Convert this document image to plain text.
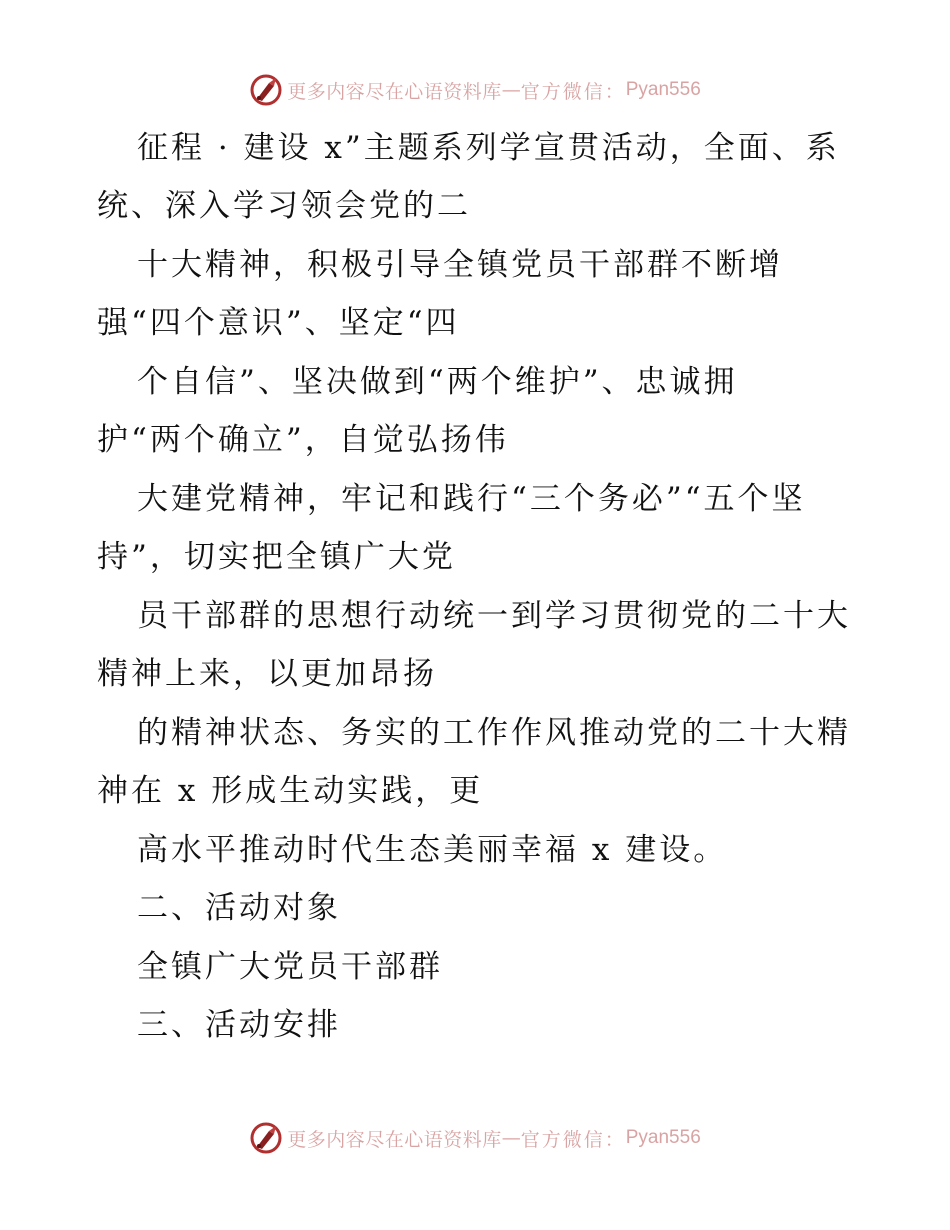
更多内容尽在心语资料库 — 官方微信： Pyan556
征程 · 建设 x”主题系列学宣贯活动，全面、系
统、深入学习领会党的二
十大精神，积极引导全镇党员干部群不断增
强“四个意识”、坚定“四
个自信”、坚决做到“两个维护”、忠诚拥
护“两个确立”，自觉弘扬伟
大建党精神，牢记和践行“三个务必”“五个坚
持”，切实把全镇广大党
员干部群的思想行动统一到学习贯彻党的二十大
精神上来，以更加昂扬
的精神状态、务实的工作作风推动党的二十大精
神在 x 形成生动实践，更
高水平推动时代生态美丽幸福 x 建设。
二、活动对象
全镇广大党员干部群
三、活动安排
更多内容尽在心语资料库 — 官方微信： Pyan556
